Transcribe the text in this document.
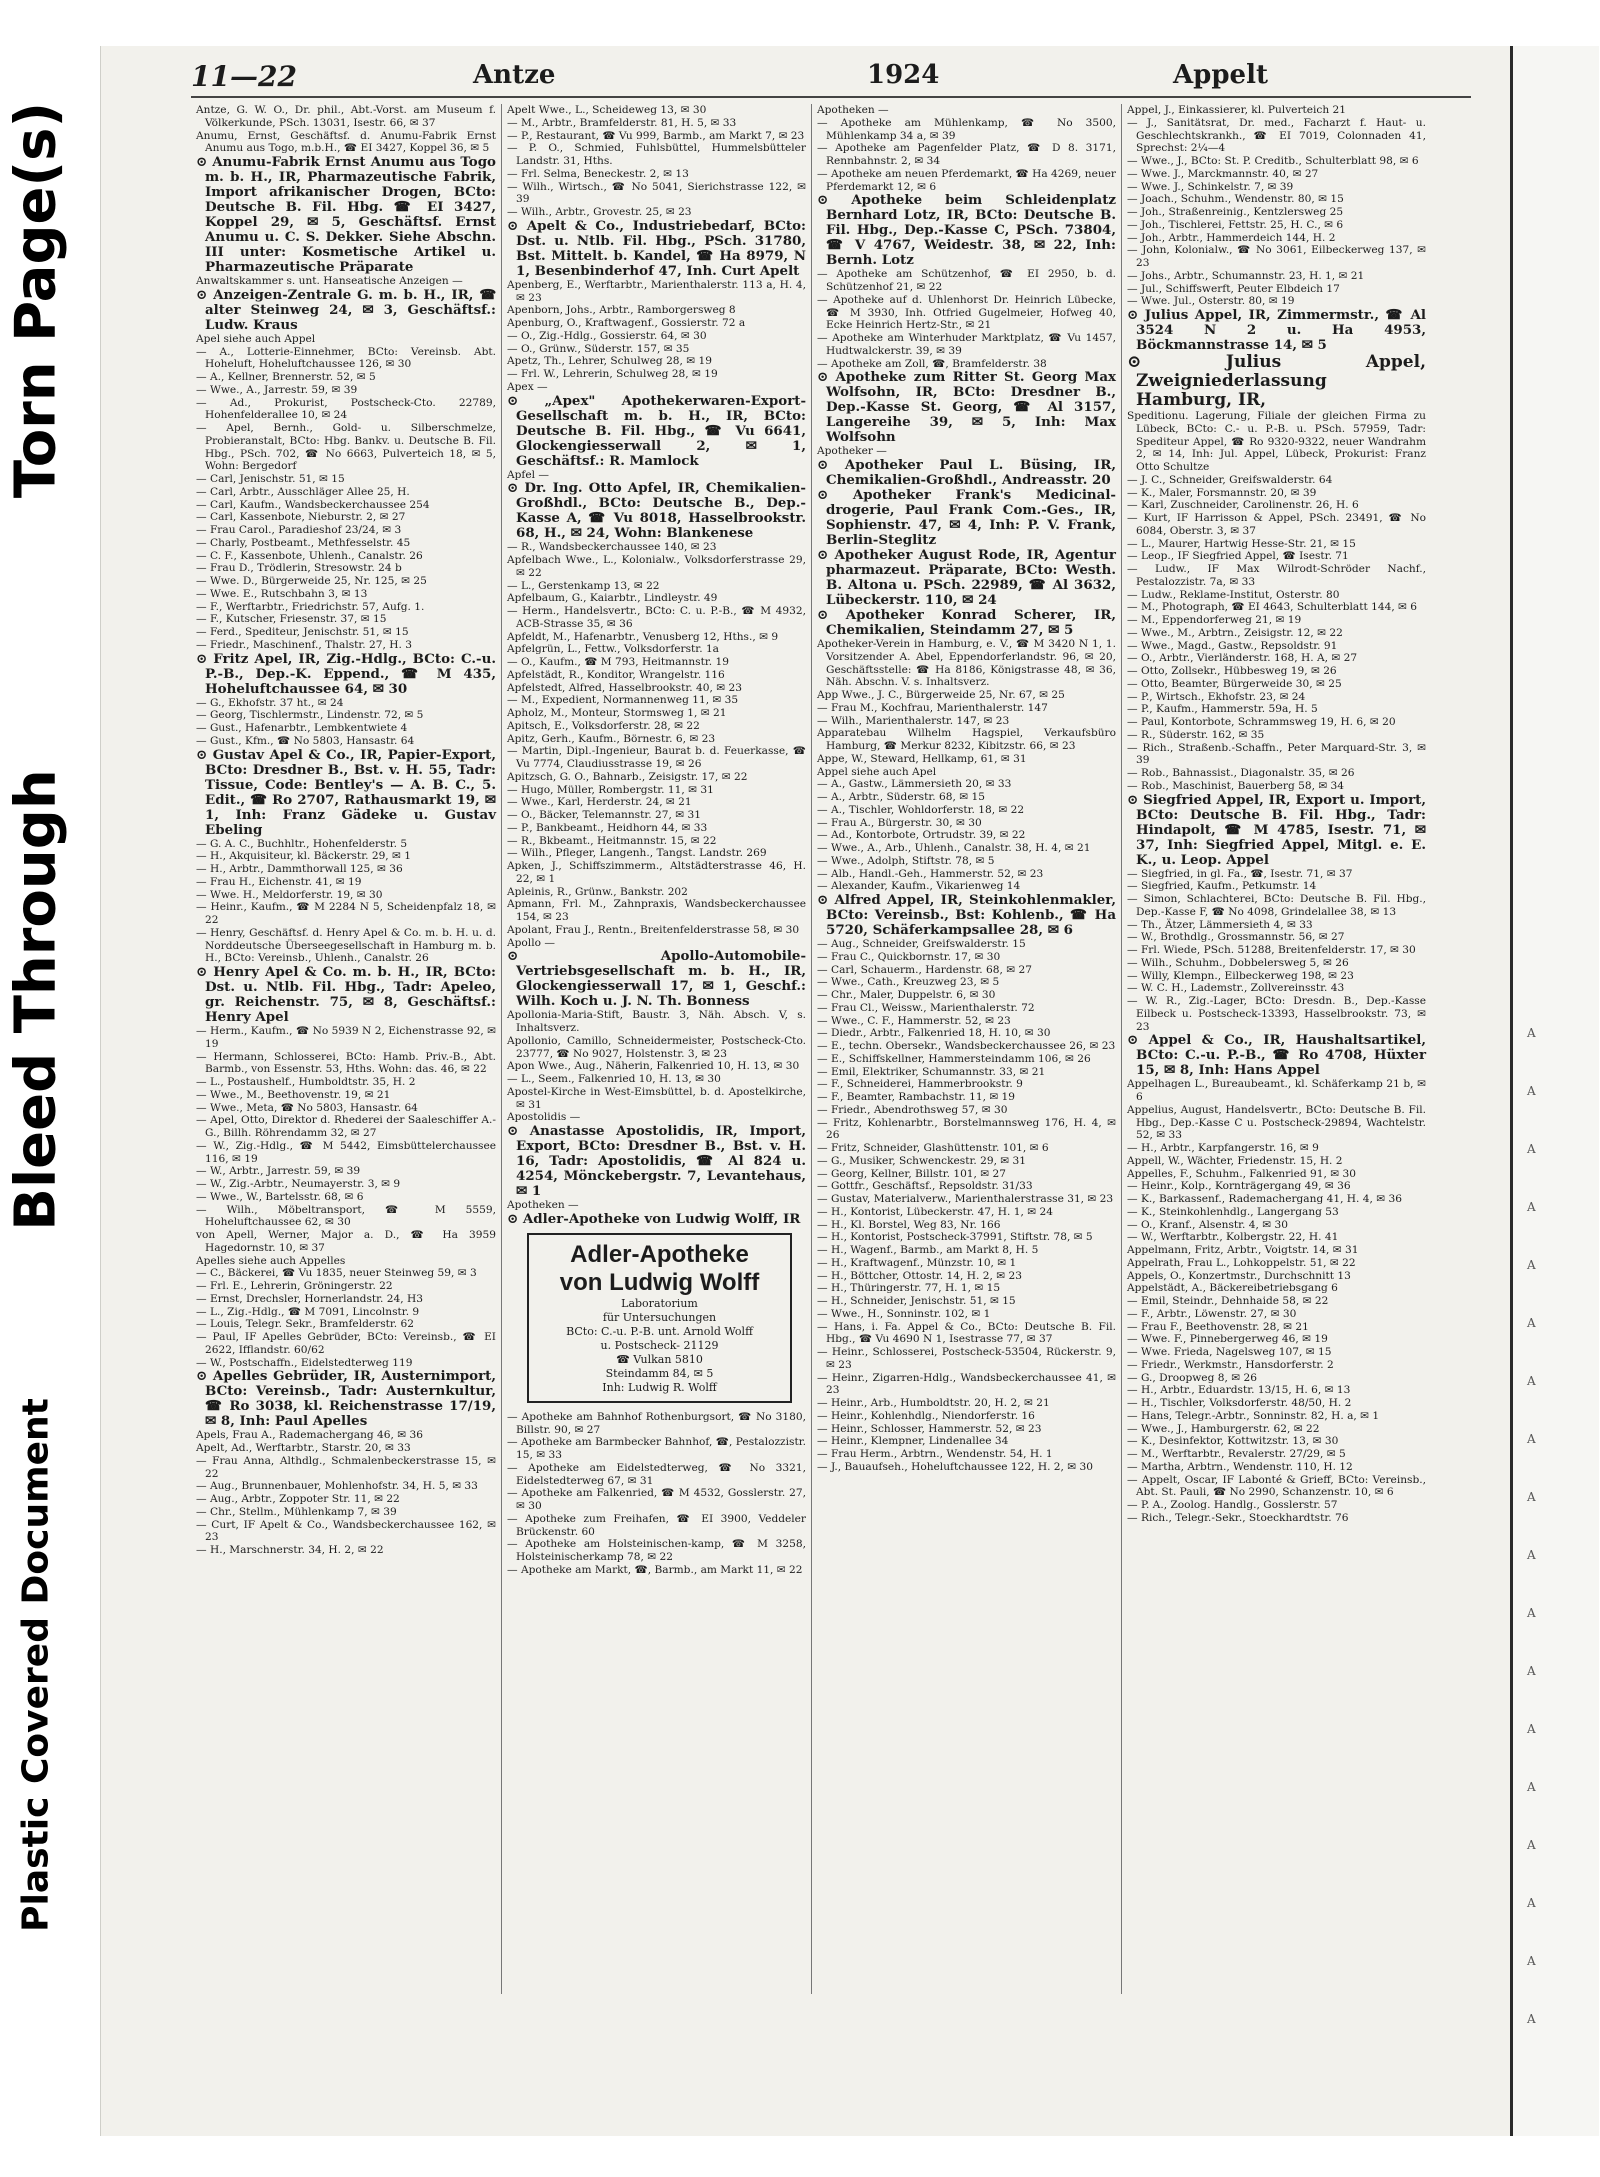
Torn Page(s)
Bleed Through
Plastic Covered Document
11—22	Antze	1924	Appelt
Antze, G. W. O., Dr. phil., Abt.-Vorst. am Museum f. Völkerkunde, PSch. 13031, Isestr. 66, ✉ 37
Anumu, Ernst, Geschäftsf. d. Anumu-Fabrik Ernst Anumu aus Togo, m.b.H., ☎ EI 3427, Koppel 36, ✉ 5
⊙ Anumu-Fabrik Ernst Anumu aus Togo m. b. H., IR, Pharmazeutische Fabrik, Import afrikanischer Drogen, BCto: Deutsche B. Fil. Hbg. ☎ EI 3427, Koppel 29, ✉ 5, Geschäftsf. Ernst Anumu u. C. S. Dekker. Siehe Abschn. III unter: Kosmetische Artikel u. Pharmazeutische Präparate
Anwaltskammer s. unt. Hanseatische Anzeigen —
⊙ Anzeigen-Zentrale G. m. b. H., IR, ☎ alter Steinweg 24, ✉ 3, Geschäftsf.: Ludw. Kraus
Apel siehe auch Appel
— A., Lotterie-Einnehmer, BCto: Vereinsb. Abt. Hoheluft, Hoheluftchaussee 126, ✉ 30
— A., Kellner, Brennerstr. 52, ✉ 5
— Wwe., A., Jarrestr. 59, ✉ 39
— Ad., Prokurist, Postscheck-Cto. 22789, Hohenfelderallee 10, ✉ 24
— Apel, Bernh., Gold- u. Silberschmelze, Probieranstalt, BCto: Hbg. Bankv. u. Deutsche B. Fil. Hbg., PSch. 702, ☎ No 6663, Pulverteich 18, ✉ 5, Wohn: Bergedorf
— Carl, Jenischstr. 51, ✉ 15
— Carl, Arbtr., Ausschläger Allee 25, H.
— Carl, Kaufm., Wandsbeckerchaussee 254
— Carl, Kassenbote, Nieburstr. 2, ✉ 27
— Frau Carol., Paradieshof 23/24, ✉ 3
— Charly, Postbeamt., Methfesselstr. 45
— C. F., Kassenbote, Uhlenh., Canalstr. 26
— Frau D., Trödlerin, Stresowstr. 24 b
— Wwe. D., Bürgerweide 25, Nr. 125, ✉ 25
— Wwe. E., Rutschbahn 3, ✉ 13
— F., Werftarbtr., Friedrichstr. 57, Aufg. 1.
— F., Kutscher, Friesenstr. 37, ✉ 15
— Ferd., Spediteur, Jenischstr. 51, ✉ 15
— Friedr., Maschinenf., Thalstr. 27, H. 3
⊙ Fritz Apel, IR, Zig.-Hdlg., BCto: C.-u. P.-B., Dep.-K. Eppend., ☎ M 435, Hoheluftchaussee 64, ✉ 30
— G., Ekhofstr. 37 ht., ✉ 24
— Georg, Tischlermstr., Lindenstr. 72, ✉ 5
— Gust., Hafenarbtr., Lembkentwiete 4
— Gust., Kfm., ☎ No 5803, Hansastr. 64
⊙ Gustav Apel & Co., IR, Papier-Export, BCto: Dresdner B., Bst. v. H. 55, Tadr: Tissue, Code: Bentley's — A. B. C., 5. Edit., ☎ Ro 2707, Rathausmarkt 19, ✉ 1, Inh: Franz Gädeke u. Gustav Ebeling
— G. A. C., Buchhltr., Hohenfelderstr. 5
— H., Akquisiteur, kl. Bäckerstr. 29, ✉ 1
— H., Arbtr., Dammthorwall 125, ✉ 36
— Frau H., Eichenstr. 41, ✉ 19
— Wwe. H., Meldorferstr. 19, ✉ 30
— Heinr., Kaufm., ☎ M 2284 N 5, Scheidenpfalz 18, ✉ 22
— Henry, Geschäftsf. d. Henry Apel & Co. m. b. H. u. d. Norddeutsche Überseegesellschaft in Hamburg m. b. H., BCto: Vereinsb., Uhlenh., Canalstr. 26
⊙ Henry Apel & Co. m. b. H., IR, BCto: Dst. u. Ntlb. Fil. Hbg., Tadr: Apeleo, gr. Reichenstr. 75, ✉ 8, Geschäftsf.: Henry Apel
— Herm., Kaufm., ☎ No 5939 N 2, Eichenstrasse 92, ✉ 19
— Hermann, Schlosserei, BCto: Hamb. Priv.-B., Abt. Barmb., von Essenstr. 53, Hths. Wohn: das. 46, ✉ 22
— L., Postaushelf., Humboldtstr. 35, H. 2
— Wwe., M., Beethovenstr. 19, ✉ 21
— Wwe., Meta, ☎ No 5803, Hansastr. 64
— Apel, Otto, Direktor d. Rhederei der Saaleschiffer A.-G., Billh. Röhrendamm 32, ✉ 27
— W., Zig.-Hdlg., ☎ M 5442, Eimsbüttelerchaussee 116, ✉ 19
— W., Arbtr., Jarrestr. 59, ✉ 39
— W., Zig.-Arbtr., Neumayerstr. 3, ✉ 9
— Wwe., W., Bartelsstr. 68, ✉ 6
— Wilh., Möbeltransport, ☎ M 5559, Hoheluftchaussee 62, ✉ 30
von Apell, Werner, Major a. D., ☎ Ha 3959 Hagedornstr. 10, ✉ 37
Apelles siehe auch Appelles
— C., Bäckerei, ☎ Vu 1835, neuer Steinweg 59, ✉ 3
— Frl. E., Lehrerin, Gröningerstr. 22
— Ernst, Drechsler, Hornerlandstr. 24, H3
— L., Zig.-Hdlg., ☎ M 7091, Lincolnstr. 9
— Louis, Telegr. Sekr., Bramfelderstr. 62
— Paul, IF Apelles Gebrüder, BCto: Vereinsb., ☎ EI 2622, Ifflandstr. 60/62
— W., Postschaffn., Eidelstedterweg 119
⊙ Apelles Gebrüder, IR, Austernimport, BCto: Vereinsb., Tadr: Austernkultur, ☎ Ro 3038, kl. Reichenstrasse 17/19, ✉ 8, Inh: Paul Apelles
Apels, Frau A., Rademachergang 46, ✉ 36
Apelt, Ad., Werftarbtr., Starstr. 20, ✉ 33
— Frau Anna, Althdlg., Schmalenbeckerstrasse 15, ✉ 22
— Aug., Brunnenbauer, Mohlenhofstr. 34, H. 5, ✉ 33
— Aug., Arbtr., Zoppoter Str. 11, ✉ 22
— Chr., Stellm., Mühlenkamp 7, ✉ 39
— Curt, IF Apelt & Co., Wandsbeckerchaussee 162, ✉ 23
— H., Marschnerstr. 34, H. 2, ✉ 22
Apelt Wwe., L., Scheideweg 13, ✉ 30
— M., Arbtr., Bramfelderstr. 81, H. 5, ✉ 33
— P., Restaurant, ☎ Vu 999, Barmb., am Markt 7, ✉ 23
— P. O., Schmied, Fuhlsbüttel, Hummelsbütteler Landstr. 31, Hths.
— Frl. Selma, Beneckestr. 2, ✉ 13
— Wilh., Wirtsch., ☎ No 5041, Sierichstrasse 122, ✉ 39
— Wilh., Arbtr., Grovestr. 25, ✉ 23
⊙ Apelt & Co., Industriebedarf, BCto: Dst. u. Ntlb. Fil. Hbg., PSch. 31780, Bst. Mittelt. b. Kandel, ☎ Ha 8979, N 1, Besenbinderhof 47, Inh. Curt Apelt
Apenberg, E., Werftarbtr., Marienthalerstr. 113 a, H. 4, ✉ 23
Apenborn, Johs., Arbtr., Ramborgersweg 8
Apenburg, O., Kraftwagenf., Gossierstr. 72 a
— O., Zig.-Hdlg., Gossierstr. 64, ✉ 30
— O., Grünw., Süderstr. 157, ✉ 35
Apetz, Th., Lehrer, Schulweg 28, ✉ 19
— Frl. W., Lehrerin, Schulweg 28, ✉ 19
Apex —
⊙ „Apex" Apothekerwaren-Export-Gesellschaft m. b. H., IR, BCto: Deutsche B. Fil. Hbg., ☎ Vu 6641, Glockengiesserwall 2, ✉ 1, Geschäftsf.: R. Mamlock
Apfel —
⊙ Dr. Ing. Otto Apfel, IR, Chemikalien-Großhdl., BCto: Deutsche B., Dep.-Kasse A, ☎ Vu 8018, Hasselbrookstr. 68, H., ✉ 24, Wohn: Blankenese
— R., Wandsbeckerchaussee 140, ✉ 23
Apfelbach Wwe., L., Kolonialw., Volksdorferstrasse 29, ✉ 22
— L., Gerstenkamp 13, ✉ 22
Apfelbaum, G., Kaiarbtr., Lindleystr. 49
— Herm., Handelsvertr., BCto: C. u. P.-B., ☎ M 4932, ACB-Strasse 35, ✉ 36
Apfeldt, M., Hafenarbtr., Venusberg 12, Hths., ✉ 9
Apfelgrün, L., Fettw., Volksdorferstr. 1a
— O., Kaufm., ☎ M 793, Heitmannstr. 19
Apfelstädt, R., Konditor, Wrangelstr. 116
Apfelstedt, Alfred, Hasselbrookstr. 40, ✉ 23
— M., Expedient, Normannenweg 11, ✉ 35
Apholz, M., Monteur, Stormsweg 1, ✉ 21
Apitsch, E., Volksdorferstr. 28, ✉ 22
Apitz, Gerh., Kaufm., Börnestr. 6, ✉ 23
— Martin, Dipl.-Ingenieur, Baurat b. d. Feuerkasse, ☎ Vu 7774, Claudiusstrasse 19, ✉ 26
Apitzsch, G. O., Bahnarb., Zeisigstr. 17, ✉ 22
— Hugo, Müller, Rombergstr. 11, ✉ 31
— Wwe., Karl, Herderstr. 24, ✉ 21
— O., Bäcker, Telemannstr. 27, ✉ 31
— P., Bankbeamt., Heidhorn 44, ✉ 33
— R., Bkbeamt., Heitmannstr. 15, ✉ 22
— Wilh., Pfleger, Langenh., Tangst. Landstr. 269
Apken, J., Schiffszimmerm., Altstädterstrasse 46, H. 22, ✉ 1
Apleinis, R., Grünw., Bankstr. 202
Apmann, Frl. M., Zahnpraxis, Wandsbeckerchaussee 154, ✉ 23
Apolant, Frau J., Rentn., Breitenfelderstrasse 58, ✉ 30
Apollo —
⊙ Apollo-Automobile-Vertriebsgesellschaft m. b. H., IR, Glockengiesserwall 17, ✉ 1, Geschf.: Wilh. Koch u. J. N. Th. Bonness
Apollonia-Maria-Stift, Baustr. 3, Näh. Absch. V, s. Inhaltsverz.
Apollonio, Camillo, Schneidermeister, Postscheck-Cto. 23777, ☎ No 9027, Holstenstr. 3, ✉ 23
Apon Wwe., Aug., Näherin, Falkenried 10, H. 13, ✉ 30
— L., Seem., Falkenried 10, H. 13, ✉ 30
Apostel-Kirche in West-Eimsbüttel, b. d. Apostelkirche, ✉ 31
Apostolidis —
⊙ Anastasse Apostolidis, IR, Import, Export, BCto: Dresdner B., Bst. v. H. 16, Tadr: Apostolidis, ☎ Al 824 u. 4254, Mönckebergstr. 7, Levantehaus, ✉ 1
Apotheken —
⊙ Adler-Apotheke von Ludwig Wolff, IR
Adler-Apotheke
von Ludwig Wolff
Laboratorium
für Untersuchungen
BCto: C.-u. P.-B. unt. Arnold Wolff
u. Postscheck- 21129
☎ Vulkan 5810
Steindamm 84, ✉ 5
Inh: Ludwig R. Wolff
— Apotheke am Bahnhof Rothenburgsort, ☎ No 3180, Billstr. 90, ✉ 27
— Apotheke am Barmbecker Bahnhof, ☎, Pestalozzistr. 15, ✉ 33
— Apotheke am Eidelstedterweg, ☎ No 3321, Eidelstedterweg 67, ✉ 31
— Apotheke am Falkenried, ☎ M 4532, Gosslerstr. 27, ✉ 30
— Apotheke zum Freihafen, ☎ EI 3900, Veddeler Brückenstr. 60
— Apotheke am Holsteinischen-kamp, ☎ M 3258, Holsteinischerkamp 78, ✉ 22
— Apotheke am Markt, ☎, Barmb., am Markt 11, ✉ 22
Apotheken —
— Apotheke am Mühlenkamp, ☎ No 3500, Mühlenkamp 34 a, ✉ 39
— Apotheke am Pagenfelder Platz, ☎ D 8. 3171, Rennbahnstr. 2, ✉ 34
— Apotheke am neuen Pferdemarkt, ☎ Ha 4269, neuer Pferdemarkt 12, ✉ 6
⊙ Apotheke beim Schleidenplatz Bernhard Lotz, IR, BCto: Deutsche B. Fil. Hbg., Dep.-Kasse C, PSch. 73804, ☎ V 4767, Weidestr. 38, ✉ 22, Inh: Bernh. Lotz
— Apotheke am Schützenhof, ☎ EI 2950, b. d. Schützenhof 21, ✉ 22
— Apotheke auf d. Uhlenhorst Dr. Heinrich Lübecke, ☎ M 3930, Inh. Otfried Gugelmeier, Hofweg 40, Ecke Heinrich Hertz-Str., ✉ 21
— Apotheke am Winterhuder Marktplatz, ☎ Vu 1457, Hudtwalckerstr. 39, ✉ 39
— Apotheke am Zoll, ☎, Bramfelderstr. 38
⊙ Apotheke zum Ritter St. Georg Max Wolfsohn, IR, BCto: Dresdner B., Dep.-Kasse St. Georg, ☎ Al 3157, Langereihe 39, ✉ 5, Inh: Max Wolfsohn
Apotheker —
⊙ Apotheker Paul L. Büsing, IR, Chemikalien-Großhdl., Andreasstr. 20
⊙ Apotheker Frank's Medicinal-drogerie, Paul Frank Com.-Ges., IR, Sophienstr. 47, ✉ 4, Inh: P. V. Frank, Berlin-Steglitz
⊙ Apotheker August Rode, IR, Agentur pharmazeut. Präparate, BCto: Westh. B. Altona u. PSch. 22989, ☎ Al 3632, Lübeckerstr. 110, ✉ 24
⊙ Apotheker Konrad Scherer, IR, Chemikalien, Steindamm 27, ✉ 5
Apotheker-Verein in Hamburg, e. V., ☎ M 3420 N 1, 1. Vorsitzender A. Abel, Eppendorferlandstr. 96, ✉ 20, Geschäftsstelle: ☎ Ha 8186, Königstrasse 48, ✉ 36, Näh. Abschn. V. s. Inhaltsverz.
App Wwe., J. C., Bürgerweide 25, Nr. 67, ✉ 25
— Frau M., Kochfrau, Marienthalerstr. 147
— Wilh., Marienthalerstr. 147, ✉ 23
Apparatebau Wilhelm Hagspiel, Verkaufsbüro Hamburg, ☎ Merkur 8232, Kibitzstr. 66, ✉ 23
Appe, W., Steward, Hellkamp, 61, ✉ 31
Appel siehe auch Apel
— A., Gastw., Lämmersieth 20, ✉ 33
— A., Arbtr., Süderstr. 68, ✉ 15
— A., Tischler, Wohldorferstr. 18, ✉ 22
— Frau A., Bürgerstr. 30, ✉ 30
— Ad., Kontorbote, Ortrudstr. 39, ✉ 22
— Wwe., A., Arb., Uhlenh., Canalstr. 38, H. 4, ✉ 21
— Wwe., Adolph, Stiftstr. 78, ✉ 5
— Alb., Handl.-Geh., Hammerstr. 52, ✉ 23
— Alexander, Kaufm., Vikarienweg 14
⊙ Alfred Appel, IR, Steinkohlenmakler, BCto: Vereinsb., Bst: Kohlenb., ☎ Ha 5720, Schäferkampsallee 28, ✉ 6
— Aug., Schneider, Greifswalderstr. 15
— Frau C., Quickbornstr. 17, ✉ 30
— Carl, Schauerm., Hardenstr. 68, ✉ 27
— Wwe., Cath., Kreuzweg 23, ✉ 5
— Chr., Maler, Duppelstr. 6, ✉ 30
— Frau Cl., Weissw., Marienthalerstr. 72
— Wwe., C. F., Hammerstr. 52, ✉ 23
— Diedr., Arbtr., Falkenried 18, H. 10, ✉ 30
— E., techn. Obersekr., Wandsbeckerchaussee 26, ✉ 23
— E., Schiffskellner, Hammersteindamm 106, ✉ 26
— Emil, Elektriker, Schumannstr. 33, ✉ 21
— F., Schneiderei, Hammerbrookstr. 9
— F., Beamter, Rambachstr. 11, ✉ 19
— Friedr., Abendrothsweg 57, ✉ 30
— Fritz, Kohlenarbtr., Borstelmannsweg 176, H. 4, ✉ 26
— Fritz, Schneider, Glashüttenstr. 101, ✉ 6
— G., Musiker, Schwenckestr. 29, ✉ 31
— Georg, Kellner, Billstr. 101, ✉ 27
— Gottfr., Geschäftsf., Repsoldstr. 31/33
— Gustav, Materialverw., Marienthalerstrasse 31, ✉ 23
— H., Kontorist, Lübeckerstr. 47, H. 1, ✉ 24
— H., Kl. Borstel, Weg 83, Nr. 166
— H., Kontorist, Postscheck-37991, Stiftstr. 78, ✉ 5
— H., Wagenf., Barmb., am Markt 8, H. 5
— H., Kraftwagenf., Münzstr. 10, ✉ 1
— H., Böttcher, Ottostr. 14, H. 2, ✉ 23
— H., Thüringerstr. 77, H. 1, ✉ 15
— H., Schneider, Jenischstr. 51, ✉ 15
— Wwe., H., Sonninstr. 102, ✉ 1
— Hans, i. Fa. Appel & Co., BCto: Deutsche B. Fil. Hbg., ☎ Vu 4690 N 1, Isestrasse 77, ✉ 37
— Heinr., Schlosserei, Postscheck-53504, Rückerstr. 9, ✉ 23
— Heinr., Zigarren-Hdlg., Wandsbeckerchaussee 41, ✉ 23
— Heinr., Arb., Humboldtstr. 20, H. 2, ✉ 21
— Heinr., Kohlenhdlg., Niendorferstr. 16
— Heinr., Schlosser, Hammerstr. 52, ✉ 23
— Heinr., Klempner, Lindenallee 34
— Frau Herm., Arbtrn., Wendenstr. 54, H. 1
— J., Bauaufseh., Hoheluftchaussee 122, H. 2, ✉ 30
Appel, J., Einkassierer, kl. Pulverteich 21
— J., Sanitätsrat, Dr. med., Facharzt f. Haut- u. Geschlechtskrankh., ☎ EI 7019, Colonnaden 41, Sprechst: 2¼—4
— Wwe., J., BCto: St. P. Creditb., Schulterblatt 98, ✉ 6
— Wwe. J., Marckmannstr. 40, ✉ 27
— Wwe. J., Schinkelstr. 7, ✉ 39
— Joach., Schuhm., Wendenstr. 80, ✉ 15
— Joh., Straßenreinig., Kentzlersweg 25
— Joh., Tischlerei, Fettstr. 25, H. C., ✉ 6
— Joh., Arbtr., Hammerdeich 144, H. 2
— John, Kolonialw., ☎ No 3061, Eilbeckerweg 137, ✉ 23
— Johs., Arbtr., Schumannstr. 23, H. 1, ✉ 21
— Jul., Schiffswerft, Peuter Elbdeich 17
— Wwe. Jul., Osterstr. 80, ✉ 19
⊙ Julius Appel, IR, Zimmermstr., ☎ Al 3524 N 2 u. Ha 4953, Böckmannstrasse 14, ✉ 5
⊙ Julius Appel, Zweigniederlassung Hamburg, IR,
Speditionu. Lagerung, Filiale der gleichen Firma zu Lübeck, BCto: C.- u. P.-B. u. PSch. 57959, Tadr: Spediteur Appel, ☎ Ro 9320-9322, neuer Wandrahm 2, ✉ 14, Inh: Jul. Appel, Lübeck, Prokurist: Franz Otto Schultze
— J. C., Schneider, Greifswalderstr. 64
— K., Maler, Forsmannstr. 20, ✉ 39
— Karl, Zuschneider, Carolinenstr. 26, H. 6
— Kurt, IF Harrisson & Appel, PSch. 23491, ☎ No 6084, Oberstr. 3, ✉ 37
— L., Maurer, Hartwig Hesse-Str. 21, ✉ 15
— Leop., IF Siegfried Appel, ☎ Isestr. 71
— Ludw., IF Max Wilrodt-Schröder Nachf., Pestalozzistr. 7a, ✉ 33
— Ludw., Reklame-Institut, Osterstr. 80
— M., Photograph, ☎ EI 4643, Schulterblatt 144, ✉ 6
— M., Eppendorferweg 21, ✉ 19
— Wwe., M., Arbtrn., Zeisigstr. 12, ✉ 22
— Wwe., Magd., Gastw., Repsoldstr. 91
— O., Arbtr., Vierländerstr. 168, H. A, ✉ 27
— Otto, Zollsekr., Hübbesweg 19, ✉ 26
— Otto, Beamter, Bürgerweide 30, ✉ 25
— P., Wirtsch., Ekhofstr. 23, ✉ 24
— P., Kaufm., Hammerstr. 59a, H. 5
— Paul, Kontorbote, Schrammsweg 19, H. 6, ✉ 20
— R., Süderstr. 162, ✉ 35
— Rich., Straßenb.-Schaffn., Peter Marquard-Str. 3, ✉ 39
— Rob., Bahnassist., Diagonalstr. 35, ✉ 26
— Rob., Maschinist, Bauerberg 58, ✉ 34
⊙ Siegfried Appel, IR, Export u. Import, BCto: Deutsche B. Fil. Hbg., Tadr: Hindapolt, ☎ M 4785, Isestr. 71, ✉ 37, Inh: Siegfried Appel, Mitgl. e. E. K., u. Leop. Appel
— Siegfried, in gl. Fa., ☎, Isestr. 71, ✉ 37
— Siegfried, Kaufm., Petkumstr. 14
— Simon, Schlachterei, BCto: Deutsche B. Fil. Hbg., Dep.-Kasse F, ☎ No 4098, Grindelallee 38, ✉ 13
— Th., Ätzer, Lämmersieth 4, ✉ 33
— W., Brothdlg., Grossmannstr. 56, ✉ 27
— Frl. Wiede, PSch. 51288, Breitenfelderstr. 17, ✉ 30
— Wilh., Schuhm., Dobbelersweg 5, ✉ 26
— Willy, Klempn., Eilbeckerweg 198, ✉ 23
— W. C. H., Lademstr., Zollvereinsstr. 43
— W. R., Zig.-Lager, BCto: Dresdn. B., Dep.-Kasse Eilbeck u. Postscheck-13393, Hasselbrookstr. 73, ✉ 23
⊙ Appel & Co., IR, Haushaltsartikel, BCto: C.-u. P.-B., ☎ Ro 4708, Hüxter 15, ✉ 8, Inh: Hans Appel
Appelhagen L., Bureaubeamt., kl. Schäferkamp 21 b, ✉ 6
Appelius, August, Handelsvertr., BCto: Deutsche B. Fil. Hbg., Dep.-Kasse C u. Postscheck-29894, Wachtelstr. 52, ✉ 33
— H., Arbtr., Karpfangerstr. 16, ✉ 9
Appell, W., Wächter, Friedenstr. 15, H. 2
Appelles, F., Schuhm., Falkenried 91, ✉ 30
— Heinr., Kolp., Kornträgergang 49, ✉ 36
— K., Barkassenf., Rademachergang 41, H. 4, ✉ 36
— K., Steinkohlenhdlg., Langergang 53
— O., Kranf., Alsenstr. 4, ✉ 30
— W., Werftarbtr., Kolbergstr. 22, H. 41
Appelmann, Fritz, Arbtr., Voigtstr. 14, ✉ 31
Appelrath, Frau L., Lohkoppelstr. 51, ✉ 22
Appels, O., Konzertmstr., Durchschnitt 13
Appelstädt, A., Bäckereibetriebsgang 6
— Emil, Steindr., Dehnhaide 58, ✉ 22
— F., Arbtr., Löwenstr. 27, ✉ 30
— Frau F., Beethovenstr. 28, ✉ 21
— Wwe. F., Pinnebergerweg 46, ✉ 19
— Wwe. Frieda, Nagelsweg 107, ✉ 15
— Friedr., Werkmstr., Hansdorferstr. 2
— G., Droopweg 8, ✉ 26
— H., Arbtr., Eduardstr. 13/15, H. 6, ✉ 13
— H., Tischler, Volksdorferstr. 48/50, H. 2
— Hans, Telegr.-Arbtr., Sonninstr. 82, H. a, ✉ 1
— Wwe., J., Hamburgerstr. 62, ✉ 22
— K., Desinfektor, Kottwitzstr. 13, ✉ 30
— M., Werftarbtr., Revalerstr. 27/29, ✉ 5
— Martha, Arbtrn., Wendenstr. 110, H. 12
— Appelt, Oscar, IF Labonté & Grieff, BCto: Vereinsb., Abt. St. Pauli, ☎ No 2990, Schanzenstr. 10, ✉ 6
— P. A., Zoolog. Handlg., Gosslerstr. 57
— Rich., Telegr.-Sekr., Stoeckhardtstr. 76
A
A
A
A
A
A
A
A
A
A
A
A
A
A
A
A
A
A
